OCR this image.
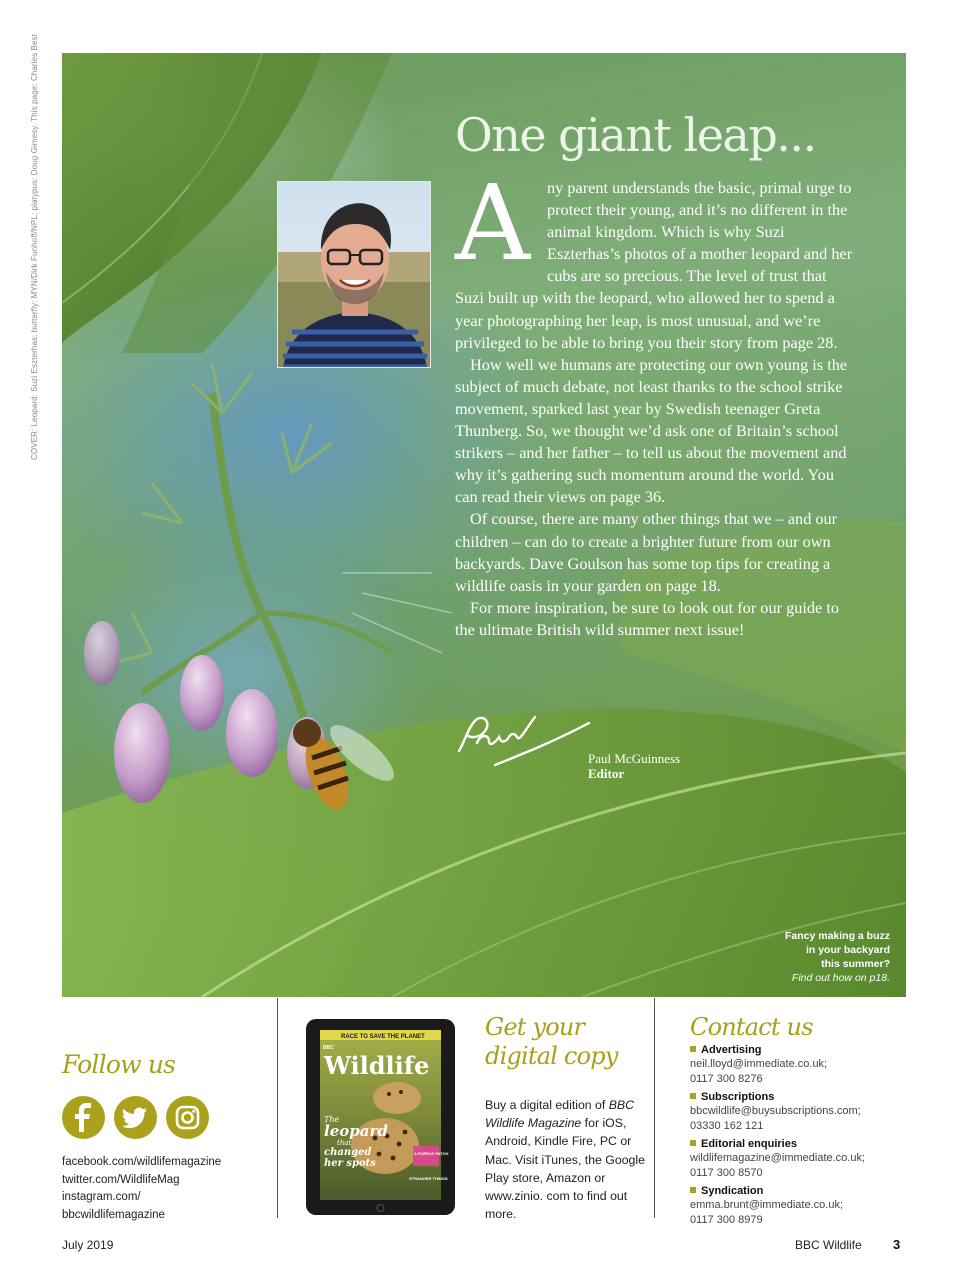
COVER: Leopard: Suzi Eszterhas; butterfly: MYN/Dirk Funhoff/NPL; platypus: Doug Gimesy. This page: Charles Best	One giant leap...

A	ny parent understands the basic, primal urge to protect their young, and it’s no different in the animal kingdom. Which is why Suzi Eszterhas’s photos of a mother leopard and her cubs are so precious. The level of trust that Suzi built up with the leopard, who allowed her to spend a year photographing her leap, is most unusual, and we’re privileged to be able to bring you their story from page 28.

How well we humans are protecting our own young is the subject of much debate, not least thanks to the school strike movement, sparked last year by Swedish teenager Greta Thunberg. So, we thought we’d ask one of Britain’s school strikers – and her father – to tell us about the movement and why it’s gathering such momentum around the world. You can read their views on page 36.

Of course, there are many other things that we – and our children – can do to create a brighter future from our own backyards. Dave Goulson has some top tips for creating a wildlife oasis in your garden on page 18.

For more inspiration, be sure to look out for our guide to the ultimate British wild summer next issue!

Paul McGuinness
Editor
Fancy making a buzz
in your backyard
this summer?
Find out how on p18.
Follow us
facebook.com/wildlifemagazine
twitter.com/WildlifeMag
instagram.com/
bbcwildlifemagazine
BBC
RACE TO SAVE THE PLANET
Wildlife
The
leopard
that
changed
her spots
A PURPLE PATCH
STRANGER THINGS
Get your
digital copy
Buy a digital edition of BBC Wildlife Magazine for iOS, Android, Kindle Fire, PC or Mac. Visit iTunes, the Google Play store, Amazon or www.zinio. com to find out more.
Contact us
Advertising
neil.lloyd@immediate.co.uk;
0117 300 8276
Subscriptions
bbcwildlife@buysubscriptions.com;
03330 162 121
Editorial enquiries
wildlifemagazine@immediate.co.uk;
0117 300 8570
Syndication
emma.brunt@immediate.co.uk;
0117 300 8979
July 2019	BBC Wildlife 3
